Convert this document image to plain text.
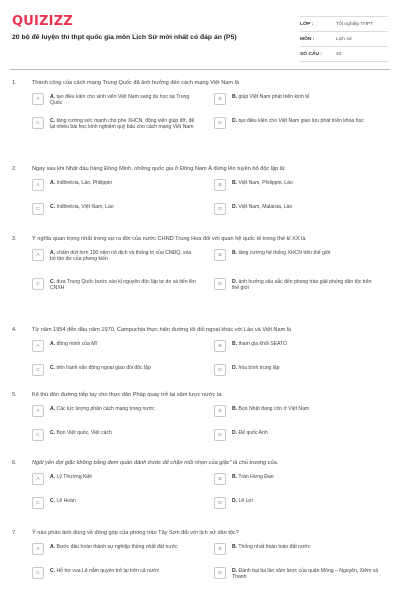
QUIZIZZ
20 bộ đề luyện thi thpt quốc gia môn Lịch Sử mới nhất có đáp án (P5)
LỚP :	Tốt nghiệp THPT
MÔN :	Lịch sử
SỐ CÂU :	40
1.	Thành công của cách mạng Trung Quốc đã ảnh hưởng đến cách mạng Việt Nam là
A	A. tạo điều kiện cho sinh viên Việt Nam sang du học tại Trung Quốc
B	B. giúp Việt Nam phát triển kinh tế
C	C. tăng cường sức mạnh cho phe XHCN, động viên giúp đỡ, để lại nhiều bài học kinh nghiệm quý báu cho cách mạng Việt Nam
D	D. tạo điều kiện cho Việt Nam giao lưu phát triển khoa học
2.	Ngay sau khi Nhật đầu hàng Đồng Minh, những quốc gia ở Đông Nam Á đứng lên tuyên bố độc lập là:
A	A. Inđônêxia, Lào, Philippin	B	B. Việt Nam, Philippin, Lào
C	C. Inđônêxia, Việt Nam, Lào	D	D. Việt Nam, Malaixia, Lào
3.	Ý nghĩa quan trọng nhất trong sự ra đời của nước CHND Trung Hoa đối với quan hệ quốc tế trong thế kỉ XX là
A	A. chấm dứt hơn 100 năm nô dịch và thống trị của CNĐQ, xóa bỏ tàn dư của phong kiến
B	B. tăng cường hệ thống XHCN trên thế giới
C	C. đưa Trung Quốc bước vào kỉ nguyên độc lập tự do và tiến lên CNXH
D	D. ảnh hưởng sâu sắc đến phong trào giải phóng dân tộc trên thế giới
4.	Từ năm 1954 đến đầu năm 1970, Campuchia thực hiện đường lối đối ngoại khác với Lào và Việt Nam là
A	A. đồng minh của Mĩ	B	B. tham gia khối SEATO
C	C. tiến hành vận động ngoại giao đòi độc lập	D	D. hòa bình trung lập
5.	Kẻ thù đòn đường tiếp tay cho thực dân Pháp quay trở lại xâm lược nước ta
A	A. Các lực lượng phản cách mạng trong nước	B	B. Bọn Nhật đang còn ở Việt Nam
C	C. Bọn Việt quốc, Việt cách	D	D. Đế quốc Anh
6.	Ngôi yên đợi giặc không bằng đem quân đánh trước để chặn mũi nhọn của giặc" là chủ trương của.
A	A. Lý Thường Kiệt	B	B. Trần Hưng Đạo
C	C. Lê Hoàn	D	D. Lê Lợi
7.	Ý nào phản ánh đúng về đóng góp của phong trào Tây Sơn đối với lịch sử dân tộc?
A	A. Bước đầu hoàn thành sự nghiệp thống nhất đất nước	B	B. Thống nhất hoàn toàn đất nước
C	C. Hỗ trợ vua Lê nắm quyền trở lại trên cả nước	D	D. Đánh bại ba lần xâm lược của quân Mông – Nguyên, Xiêm và Thanh
